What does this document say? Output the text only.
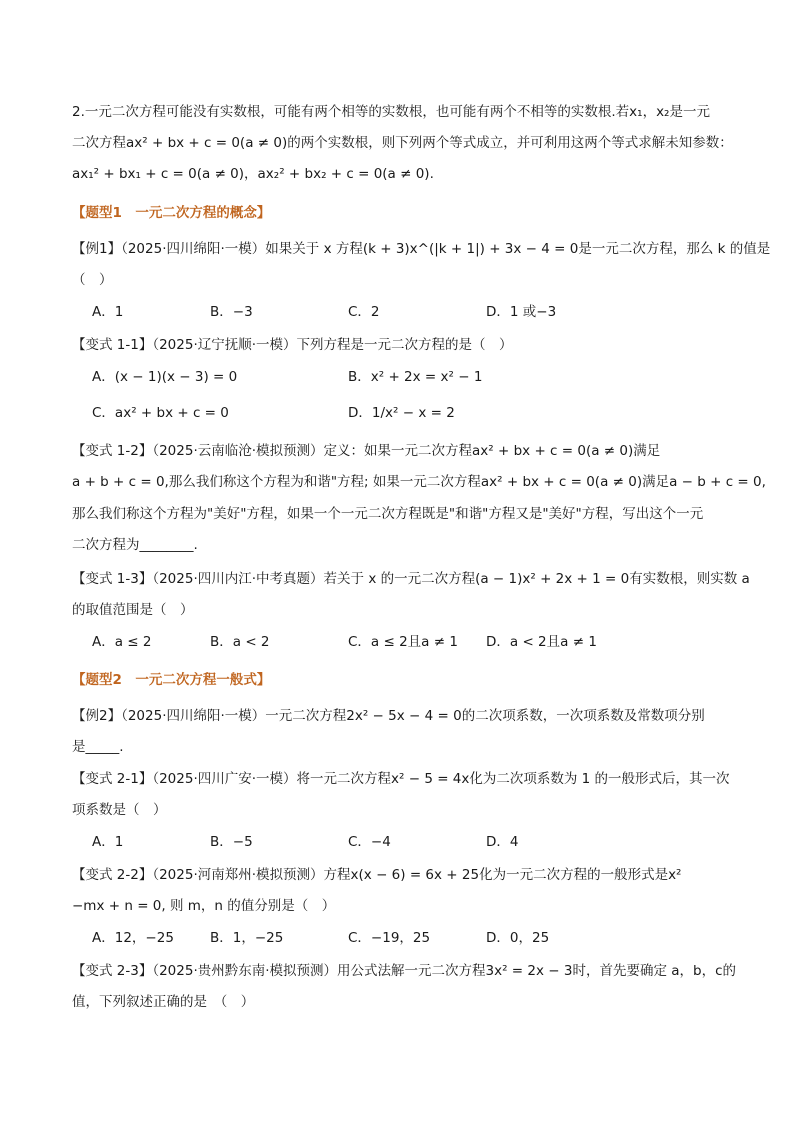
2.一元二次方程可能没有实数根，可能有两个相等的实数根，也可能有两个不相等的实数根.若x₁，x₂是一元
二次方程ax² + bx + c = 0(a ≠ 0)的两个实数根，则下列两个等式成立，并可利用这两个等式求解未知参数：
ax₁² + bx₁ + c = 0(a ≠ 0)，ax₂² + bx₂ + c = 0(a ≠ 0).
【题型1　一元二次方程的概念】
【例1】（2025·四川绵阳·一模）如果关于 x 方程(k + 3)x^(|k + 1|) + 3x − 4 = 0是一元二次方程，那么 k 的值是
（　）
A．1	B．−3	C．2	D．1 或−3
【变式 1-1】（2025·辽宁抚顺·一模）下列方程是一元二次方程的是（　）
A．(x − 1)(x − 3) = 0	B．x² + 2x = x² − 1
C．ax² + bx + c = 0	D．1/x² − x = 2
【变式 1-2】（2025·云南临沧·模拟预测）定义：如果一元二次方程ax² + bx + c = 0(a ≠ 0)满足
a + b + c = 0,那么我们称这个方程为和谐"方程; 如果一元二次方程ax² + bx + c = 0(a ≠ 0)满足a − b + c = 0,
那么我们称这个方程为"美好"方程，如果一个一元二次方程既是"和谐"方程又是"美好"方程，写出这个一元
二次方程为________.
【变式 1-3】（2025·四川内江·中考真题）若关于 x 的一元二次方程(a − 1)x² + 2x + 1 = 0有实数根，则实数 a
的取值范围是（　）
A．a ≤ 2	B．a < 2	C．a ≤ 2且a ≠ 1 D．a < 2且a ≠ 1
【题型2　一元二次方程一般式】
【例2】（2025·四川绵阳·一模）一元二次方程2x² − 5x − 4 = 0的二次项系数，一次项系数及常数项分别
是_____.
【变式 2-1】（2025·四川广安·一模）将一元二次方程x² − 5 = 4x化为二次项系数为 1 的一般形式后，其一次
项系数是（　）
A．1	B．−5	C．−4	D．4
【变式 2-2】（2025·河南郑州·模拟预测）方程x(x − 6) = 6x + 25化为一元二次方程的一般形式是x²
−mx + n = 0, 则 m，n 的值分别是（　）
A．12，−25	B．1，−25	C．−19，25	D．0，25
【变式 2-3】（2025·贵州黔东南·模拟预测）用公式法解一元二次方程3x² = 2x − 3时，首先要确定 a，b，c的
值，下列叙述正确的是　（　）
